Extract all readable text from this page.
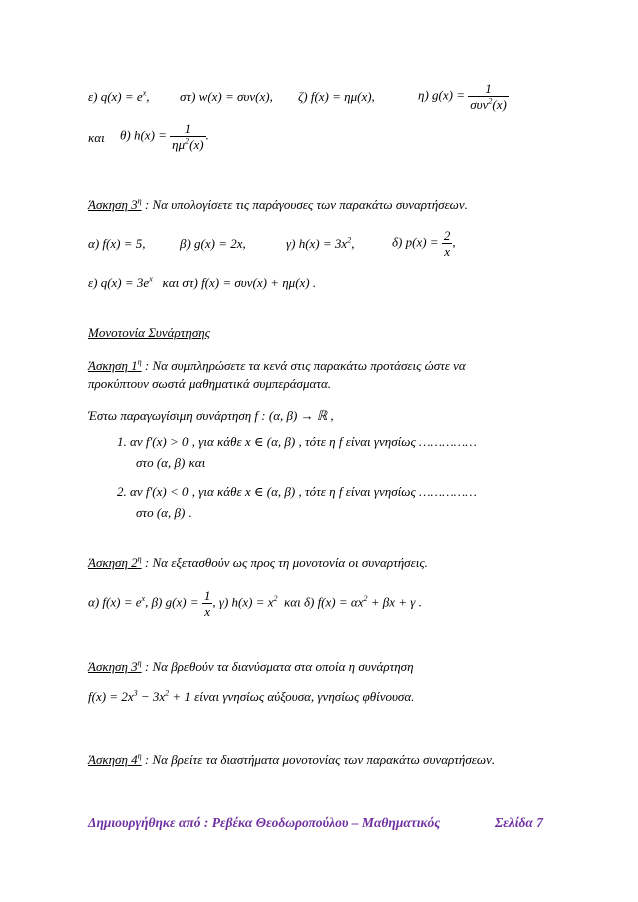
ε) $q(x) = e^x$, στ) w(x) = συν(x), ζ) f(x) = ημ(x),	η) $g(x) = \frac{1}{\sigma\upsilon\nu^2(x)}$
και θ) $h(x) = \frac{1}{\eta\mu^2(x)}$ .
Άσκηση $3^\eta$ : Να υπολογίσετε τις παράγουσες των παρακάτω συναρτήσεων.
α) f(x) = 5,	β) g(x) = 2x,	γ) $h(x) = 3x^2$,	δ) $p(x) = \frac{2}{x}$ ,
ε) $q(x) = 3e^x$ και στ) f(x) = συν(x) + ημ(x) .
Μονοτονία Συνάρτησης
Άσκηση $1^\eta$ : Να συμπληρώσετε τα κενά στις παρακάτω προτάσεις ώστε να
προκύπτουν σωστά μαθηματικά συμπεράσματα.
Έστω παραγωγίσιμη συνάρτηση f : (α, β) → ℝ ,
1. αν f′(x) > 0 , για κάθε x ∈ (α, β) , τότε η f είναι γνησίως ……………
στο (α, β) και
2. αν f′(x) < 0 , για κάθε x ∈ (α, β) , τότε η f είναι γνησίως ……………
στο (α, β) .
Άσκηση $2^\eta$ : Να εξετασθούν ως προς τη μονοτονία οι συναρτήσεις.
α) $f(x) = e^x$, β) $g(x) = \frac{1}{x}$ , γ) $h(x) = x^2$ και δ) $f(x) = \alpha x^2 + \beta x + \gamma$ .
Άσκηση $3^\eta$ : Να βρεθούν τα διανύσματα στα οποία η συνάρτηση
$f(x) = 2x^3 - 3x^2 + 1$ είναι γνησίως αύξουσα, γνησίως φθίνουσα.
Άσκηση $4^\eta$ : Να βρείτε τα διαστήματα μονοτονίας των παρακάτω συναρτήσεων.
Δημιουργήθηκε από : Ρεβέκα Θεοδωροπούλου – Μαθηματικός	Σελίδα 7
